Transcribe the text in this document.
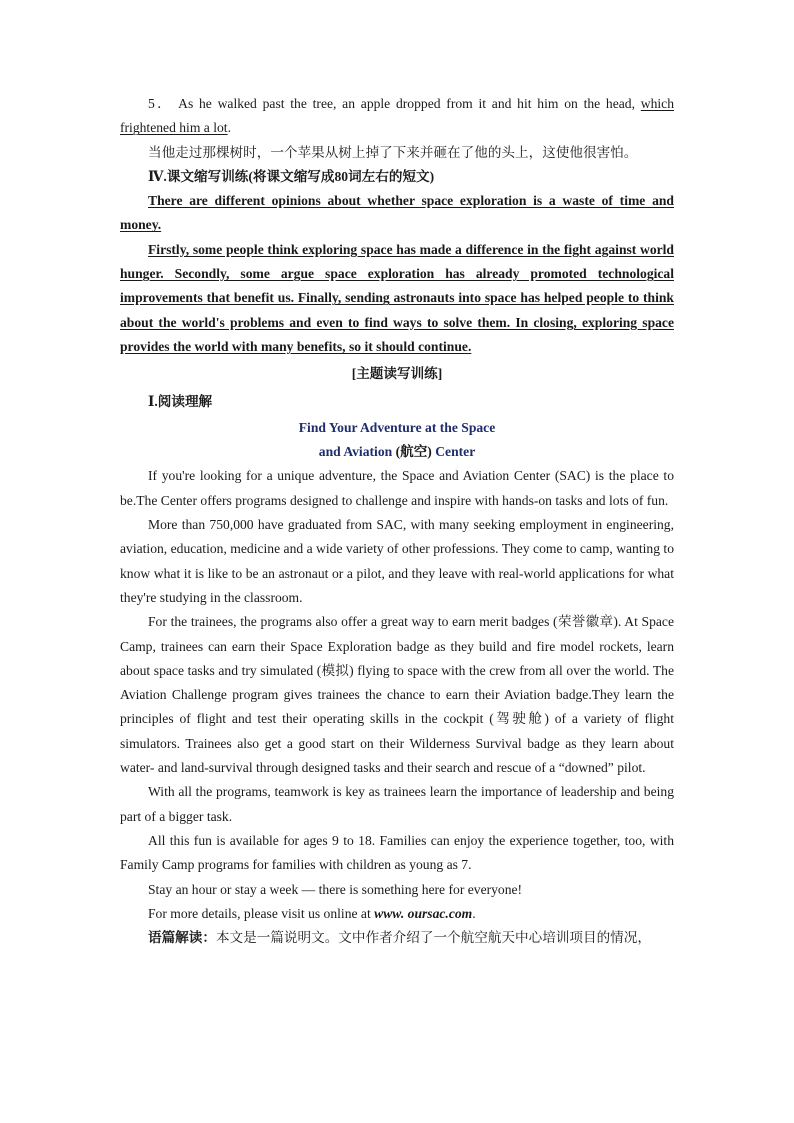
5． As he walked past the tree, an apple dropped from it and hit him on the head, which frightened him a lot.

当他走过那棵树时，一个苹果从树上掉了下来并砸在了他的头上，这使他很害怕。

Ⅳ.课文缩写训练(将课文缩写成80词左右的短文)

There are different opinions about whether space exploration is a waste of time and money.

Firstly, some people think exploring space has made a difference in the fight against world hunger. Secondly, some argue space exploration has already promoted technological improvements that benefit us. Finally, sending astronauts into space has helped people to think about the world's problems and even to find ways to solve them. In closing, exploring space provides the world with many benefits, so it should continue.

[主题读写训练]

Ⅰ.阅读理解

Find Your Adventure at the Space

and Aviation (航空) Center

If you're looking for a unique adventure, the Space and Aviation Center (SAC) is the place to be.The Center offers programs designed to challenge and inspire with hands-on tasks and lots of fun.

More than 750,000 have graduated from SAC, with many seeking employment in engineering, aviation, education, medicine and a wide variety of other professions. They come to camp, wanting to know what it is like to be an astronaut or a pilot, and they leave with real-world applications for what they're studying in the classroom.

For the trainees, the programs also offer a great way to earn merit badges (荣誉徽章). At Space Camp, trainees can earn their Space Exploration badge as they build and fire model rockets, learn about space tasks and try simulated (模拟) flying to space with the crew from all over the world. The Aviation Challenge program gives trainees the chance to earn their Aviation badge.They learn the principles of flight and test their operating skills in the cockpit (驾驶舱) of a variety of flight simulators. Trainees also get a good start on their Wilderness Survival badge as they learn about water- and land-survival through designed tasks and their search and rescue of a “downed” pilot.

With all the programs, teamwork is key as trainees learn the importance of leadership and being part of a bigger task.

All this fun is available for ages 9 to 18. Families can enjoy the experience together, too, with Family Camp programs for families with children as young as 7.

Stay an hour or stay a week — there is something here for everyone!

For more details, please visit us online at www. oursac.com.

语篇解读：本文是一篇说明文。文中作者介绍了一个航空航天中心培训项目的情况，
